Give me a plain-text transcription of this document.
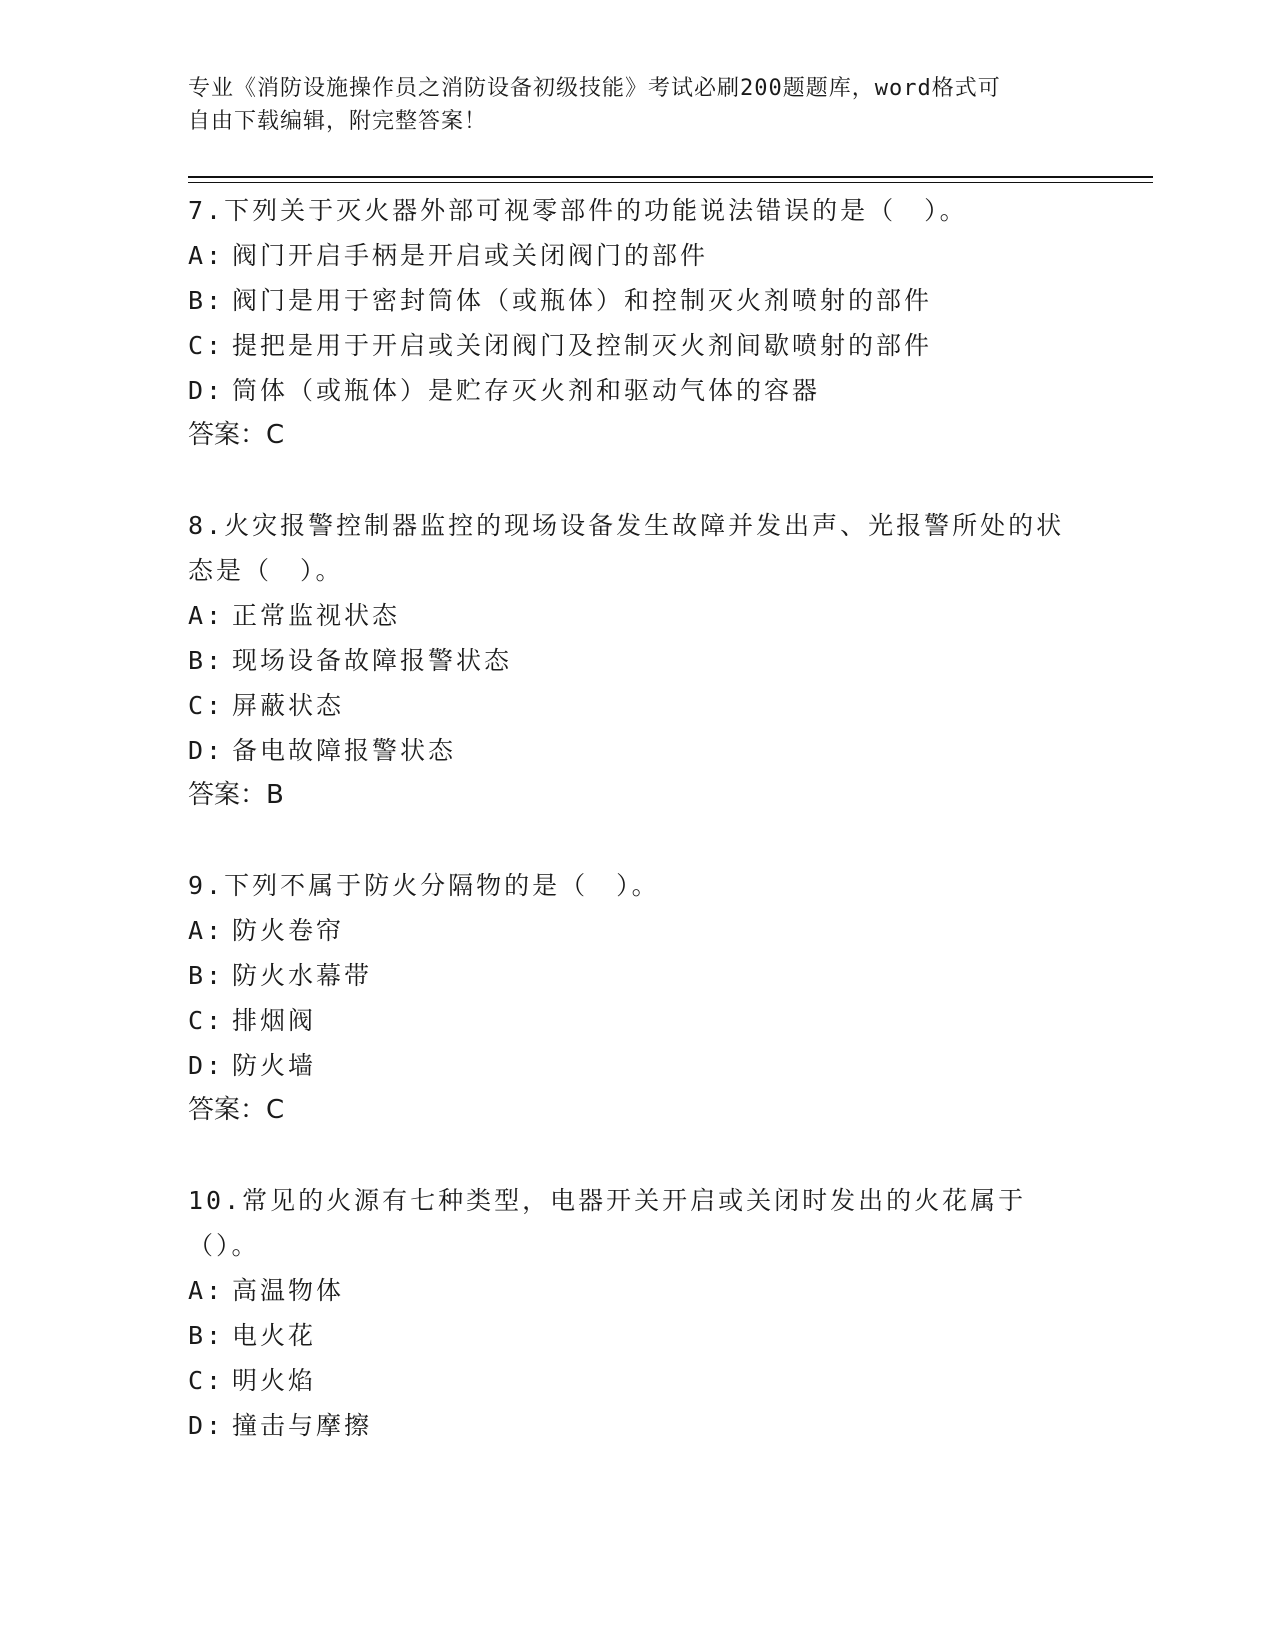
专业《消防设施操作员之消防设备初级技能》考试必刷200题题库，word格式可
自由下载编辑，附完整答案！
7.下列关于灭火器外部可视零部件的功能说法错误的是（　）。
A: 阀门开启手柄是开启或关闭阀门的部件
B: 阀门是用于密封筒体（或瓶体）和控制灭火剂喷射的部件
C: 提把是用于开启或关闭阀门及控制灭火剂间歇喷射的部件
D: 筒体（或瓶体）是贮存灭火剂和驱动气体的容器
答案：C
8.火灾报警控制器监控的现场设备发生故障并发出声、光报警所处的状态是（　）。
A: 正常监视状态
B: 现场设备故障报警状态
C: 屏蔽状态
D: 备电故障报警状态
答案：B
9.下列不属于防火分隔物的是（　）。
A: 防火卷帘
B: 防火水幕带
C: 排烟阀
D: 防火墙
答案：C
10.常见的火源有七种类型，电器开关开启或关闭时发出的火花属于（）。
A: 高温物体
B: 电火花
C: 明火焰
D: 撞击与摩擦
